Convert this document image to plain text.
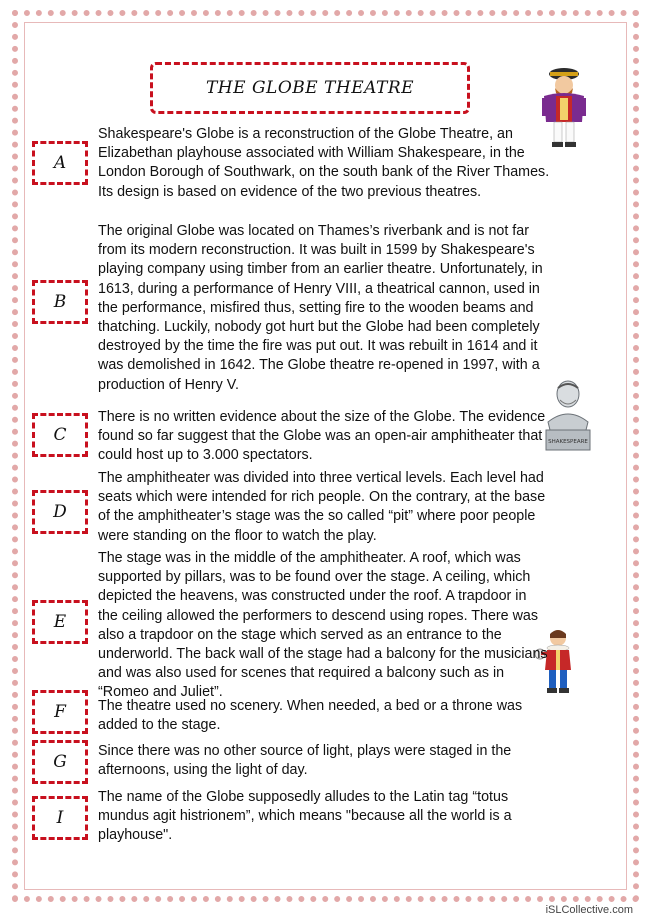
THE GLOBE THEATRE
SHAKESPEARE
A

Shakespeare's Globe is a reconstruction of the Globe Theatre, an Elizabethan playhouse associated with William Shakespeare, in the London Borough of Southwark, on the south bank of the River Thames. Its design is based on evidence of the two previous theatres.

B

The original Globe was located on Thames’s riverbank and is not far from its modern reconstruction. It was built in 1599 by Shakespeare's playing company using timber from an earlier theatre. Unfortunately, in 1613, during a performance of Henry VIII, a theatrical cannon, used in the performance, misfired thus, setting fire to the wooden beams and thatching. Luckily, nobody got hurt but the Globe had been completely destroyed by the time the fire was put out. It was rebuilt in 1614 and it was demolished in 1642. The Globe theatre re-opened in 1997, with a production of Henry V.

C

There is no written evidence about the size of the Globe. The evidence found so far suggest that the Globe was an open-air amphitheater that could host up to 3.000 spectators.

D

The amphitheater was divided into three vertical levels. Each level had seats which were intended for rich people. On the contrary, at the base of the amphitheater’s stage was the so called “pit” where poor people were standing on the floor to watch the play.

E

The stage was in the middle of the amphitheater. A roof, which was supported by pillars, was to be found over the stage. A ceiling, which depicted the heavens, was constructed under the roof. A trapdoor in the ceiling allowed the performers to descend using ropes. There was also a trapdoor on the stage which served as an entrance to the underworld. The back wall of the stage had a balcony for the musicians and was also used for scenes that required a balcony such as in “Romeo and Juliet”.

F The theatre used no scenery. When needed, a bed or a throne was added to the stage.

G

Since there was no other source of light, plays were staged in the afternoons, using the light of day.

I

The name of the Globe supposedly alludes to the Latin tag “totus mundus agit histrionem”, which means "because all the world is a playhouse".

iSLCollective.com
